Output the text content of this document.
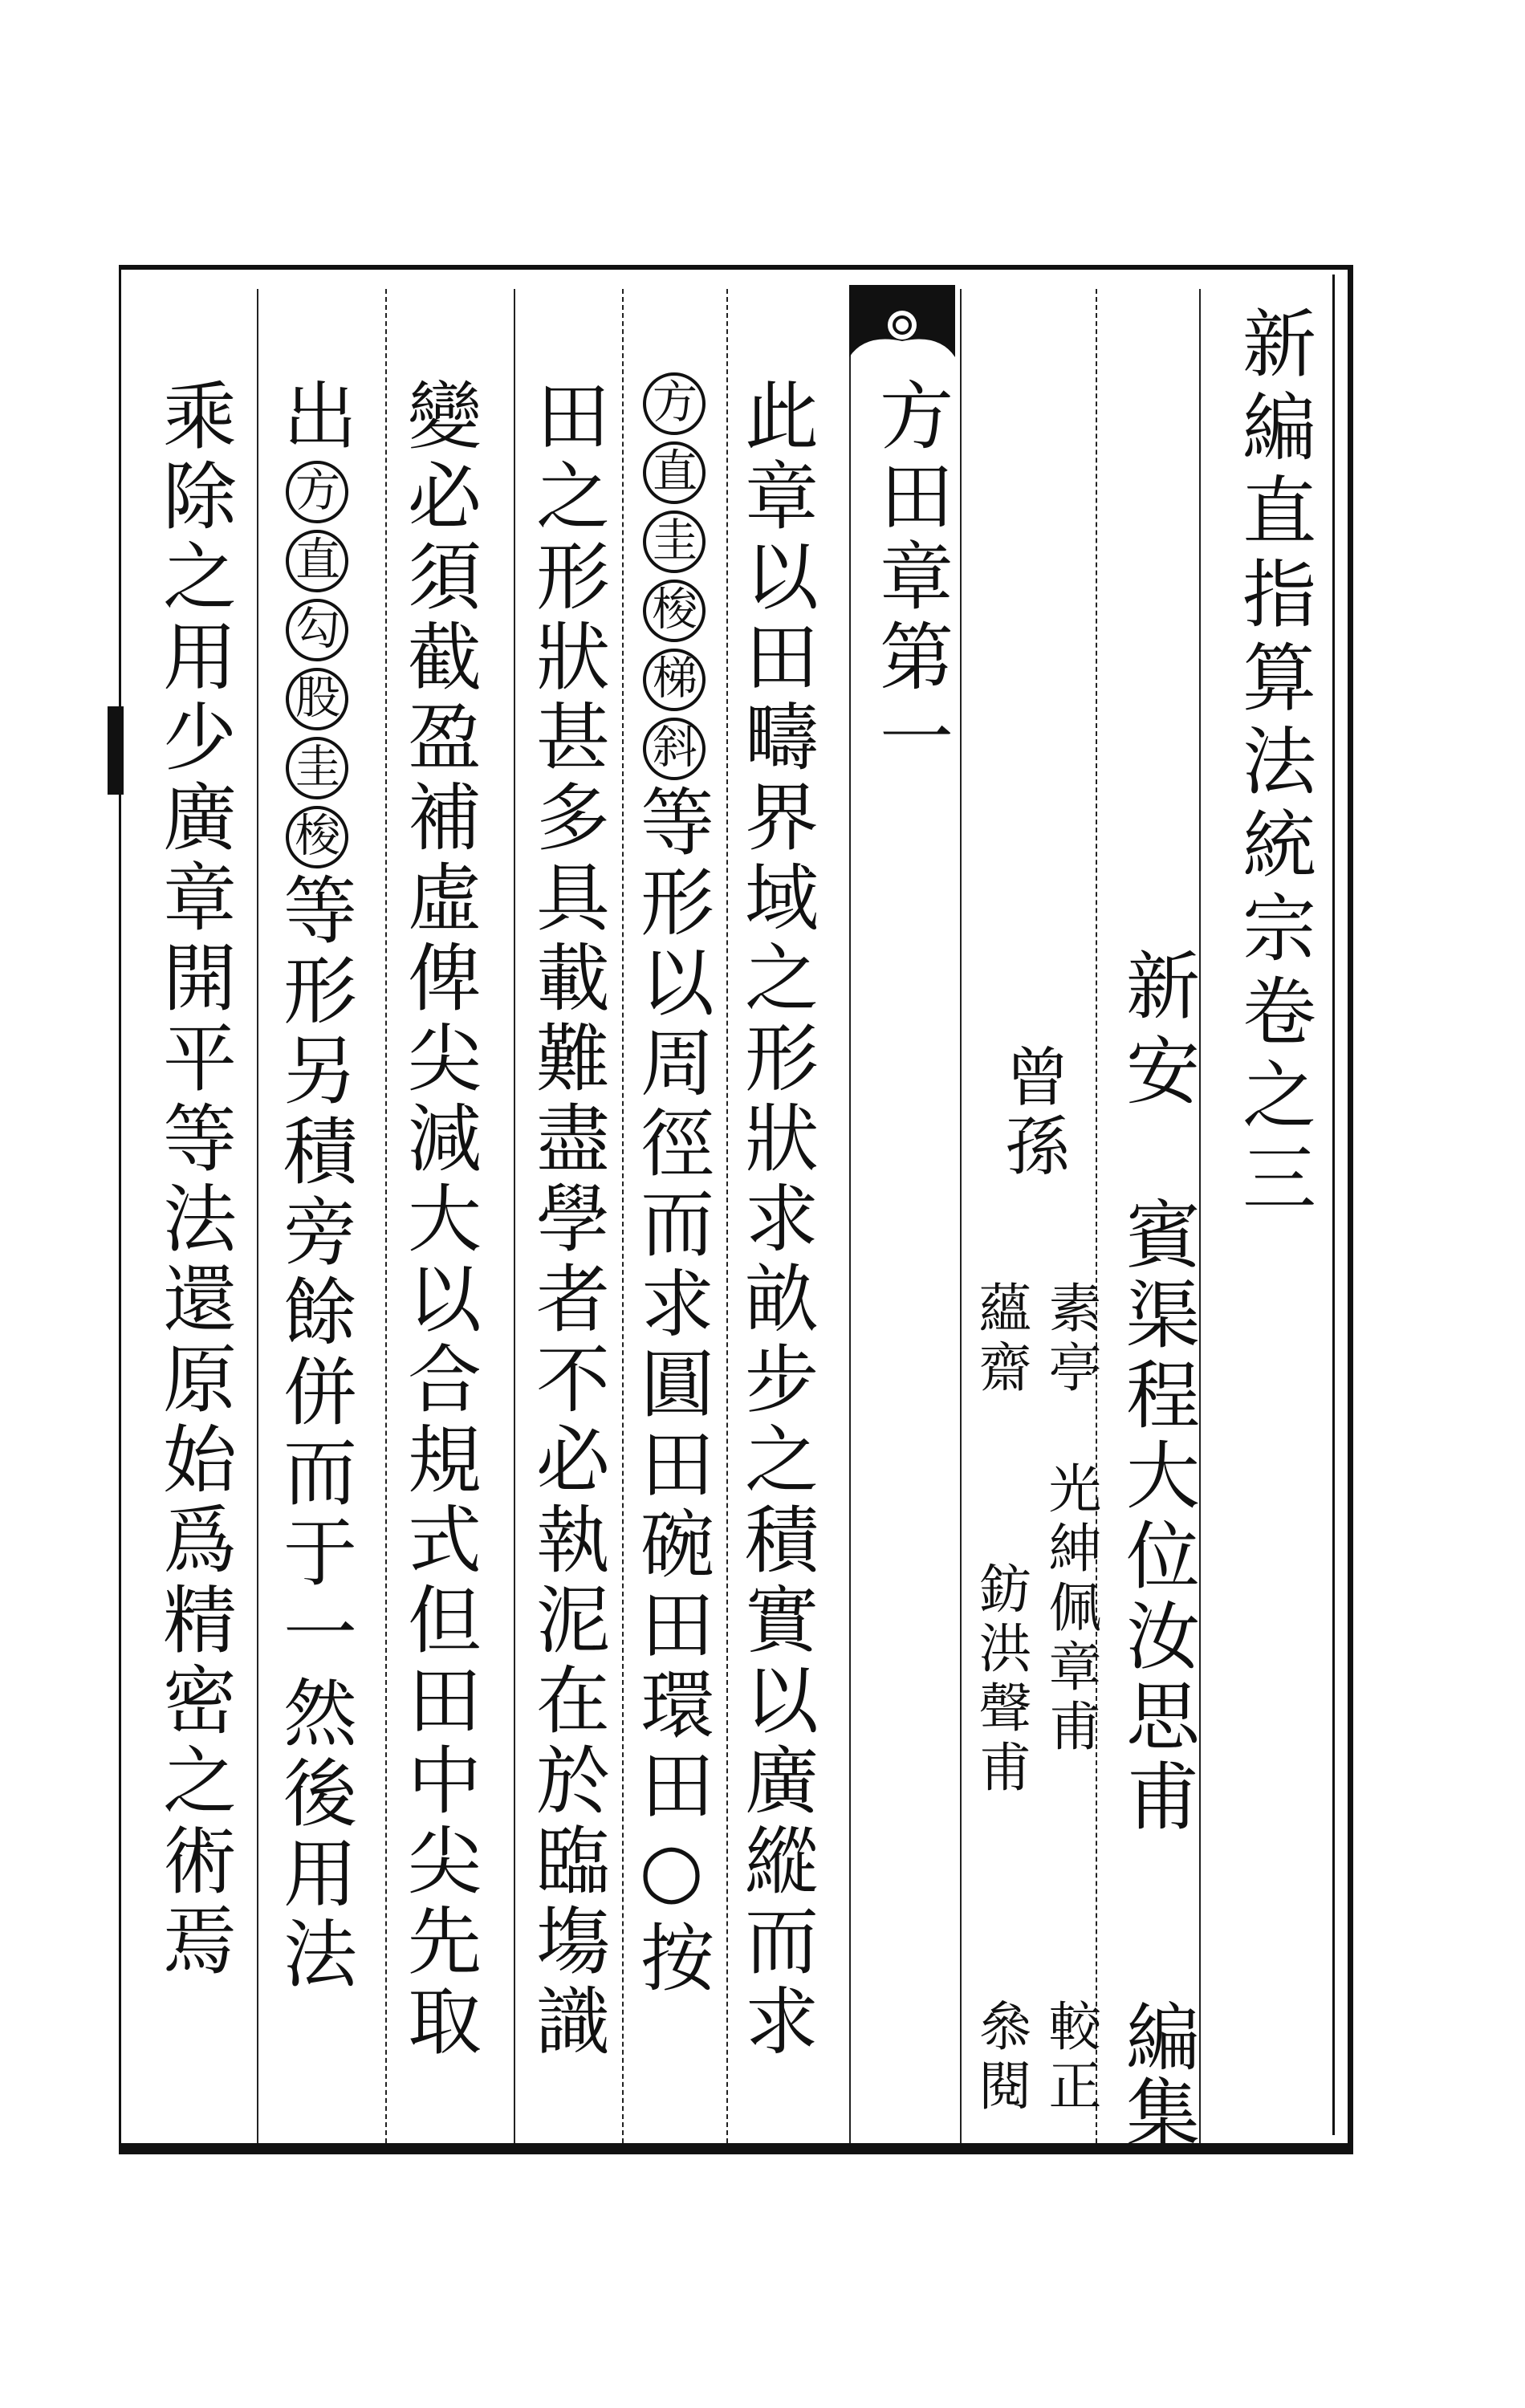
新編直指算法統宗卷之三
新安
賓渠程大位汝思甫
編集
曾孫
素亭
光紳佩章甫
較正
蘊齋
鈁洪聲甫
叅閱
方田章第一
此章以田疇界域之形狀求畝步之積實以廣縱而求
方直圭梭梯斜等形以周徑而求圓田碗田環田○按
田之形狀甚多具載難盡學者不必執泥在於臨塲識
變必須截盈補虛俾尖減大以合規式但田中尖先取
出方直勾股圭梭等形另積旁餘併而于一然後用法
乘除之用少廣章開平等法還原始爲精密之術焉
